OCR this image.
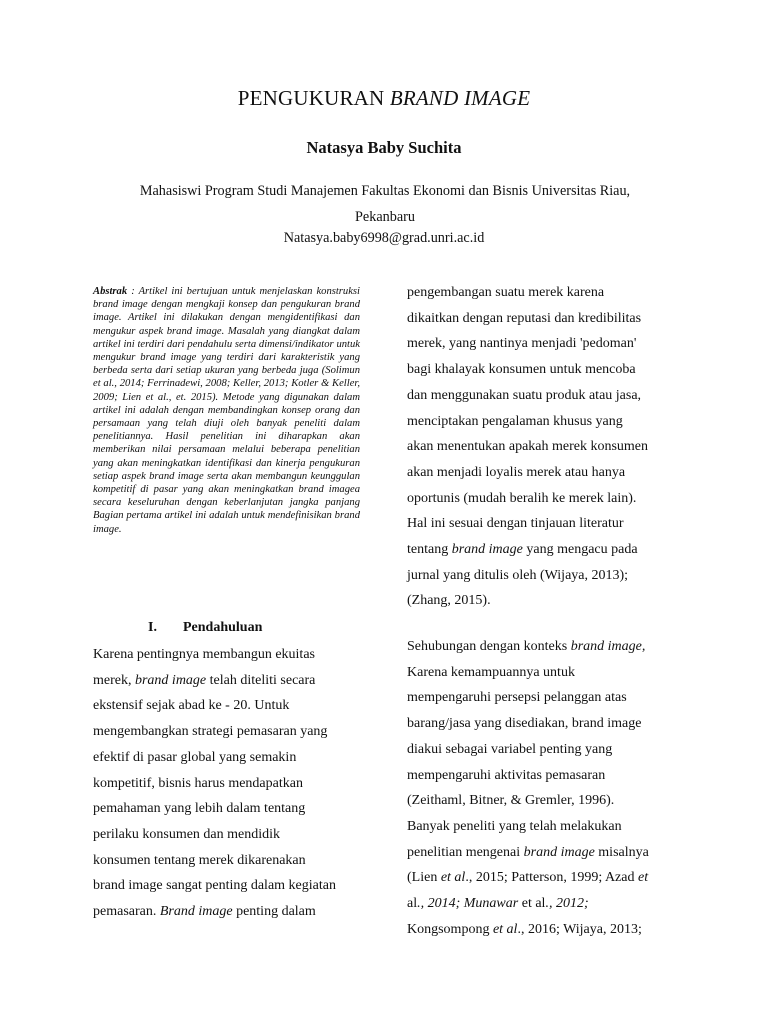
PENGUKURAN BRAND IMAGE
Natasya Baby Suchita
Mahasiswi Program Studi Manajemen Fakultas Ekonomi dan Bisnis Universitas Riau,
Pekanbaru
Natasya.baby6998@grad.unri.ac.id
Abstrak : Artikel ini bertujuan untuk menjelaskan konstruksi brand image dengan mengkaji konsep dan pengukuran brand image. Artikel ini dilakukan dengan mengidentifikasi dan mengukur aspek brand image. Masalah yang diangkat dalam artikel ini terdiri dari pendahulu serta dimensi/indikator untuk mengukur brand image yang terdiri dari karakteristik yang berbeda serta dari setiap ukuran yang berbeda juga (Solimun et al., 2014; Ferrinadewi, 2008; Keller, 2013; Kotler & Keller, 2009; Lien et al., et. 2015). Metode yang digunakan dalam artikel ini adalah dengan membandingkan konsep orang dan persamaan yang telah diuji oleh banyak peneliti dalam penelitiannya. Hasil penelitian ini diharapkan akan memberikan nilai persamaan melalui beberapa penelitian yang akan meningkatkan identifikasi dan kinerja pengukuran setiap aspek brand image serta akan membangun keunggulan kompetitif di pasar yang akan meningkatkan brand imagea secara keseluruhan dengan keberlanjutan jangka panjang Bagian pertama artikel ini adalah untuk mendefinisikan brand image.
I. Pendahuluan
Karena pentingnya membangun ekuitas
merek, brand image telah diteliti secara
ekstensif sejak abad ke - 20. Untuk
mengembangkan strategi pemasaran yang
efektif di pasar global yang semakin
kompetitif, bisnis harus mendapatkan
pemahaman yang lebih dalam tentang
perilaku konsumen dan mendidik
konsumen tentang merek dikarenakan
brand image sangat penting dalam kegiatan
pemasaran. Brand image penting dalam
pengembangan suatu merek karena
dikaitkan dengan reputasi dan kredibilitas
merek, yang nantinya menjadi 'pedoman'
bagi khalayak konsumen untuk mencoba
dan menggunakan suatu produk atau jasa,
menciptakan pengalaman khusus yang
akan menentukan apakah merek konsumen
akan menjadi loyalis merek atau hanya
oportunis (mudah beralih ke merek lain).
Hal ini sesuai dengan tinjauan literatur
tentang brand image yang mengacu pada
jurnal yang ditulis oleh (Wijaya, 2013);
(Zhang, 2015).
Sehubungan dengan konteks brand image,
Karena kemampuannya untuk
mempengaruhi persepsi pelanggan atas
barang/jasa yang disediakan, brand image
diakui sebagai variabel penting yang
mempengaruhi aktivitas pemasaran
(Zeithaml, Bitner, & Gremler, 1996).
Banyak peneliti yang telah melakukan
penelitian mengenai brand image misalnya
(Lien et al., 2015; Patterson, 1999; Azad et
al., 2014; Munawar et al., 2012;
Kongsompong et al., 2016; Wijaya, 2013;
